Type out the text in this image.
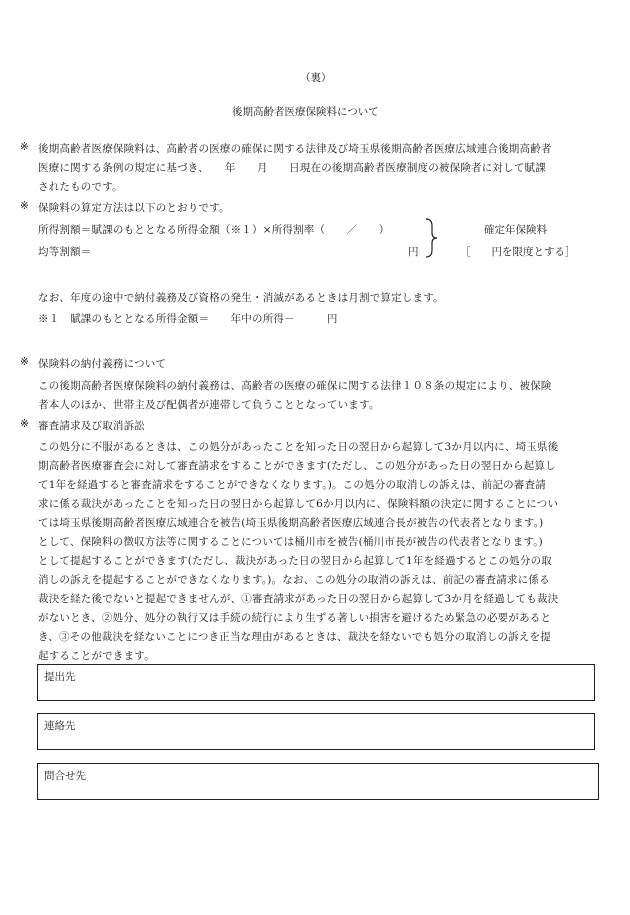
（裏）
後期高齢者医療保険料について
※ 後期高齢者医療保険料は、高齢者の医療の確保に関する法律及び埼玉県後期高齢者医療広域連合後期高齢者
医療に関する条例の規定に基づき、　　年　　月　　日現在の後期高齢者医療制度の被保険者に対して賦課
されたものです。
※ 保険料の算定方法は以下のとおりです。
所得割額＝賦課のもととなる所得金額（※１）×所得割率（　　／　　）
均等割額＝	円
確定年保険料
［　　円を限度とする］
なお、年度の途中で納付義務及び資格の発生・消滅があるときは月割で算定します。
※１　賦課のもととなる所得金額＝　　年中の所得－　　　円
※ 保険料の納付義務について
この後期高齢者医療保険料の納付義務は、高齢者の医療の確保に関する法律１０８条の規定により、被保険
者本人のほか、世帯主及び配偶者が連帯して負うこととなっています。
※ 審査請求及び取消訴訟
この処分に不服があるときは、この処分があったことを知った日の翌日から起算して3か月以内に、埼玉県後
期高齢者医療審査会に対して審査請求をすることができます(ただし、この処分があった日の翌日から起算し
て1年を経過すると審査請求をすることができなくなります。)。この処分の取消しの訴えは、前記の審査請
求に係る裁決があったことを知った日の翌日から起算して6か月以内に、保険料額の決定に関することについ
ては埼玉県後期高齢者医療広域連合を被告(埼玉県後期高齢者医療広域連合長が被告の代表者となります。)
として、保険料の徴収方法等に関することについては桶川市を被告(桶川市長が被告の代表者となります。)
として提起することができます(ただし、裁決があった日の翌日から起算して1年を経過するとこの処分の取
消しの訴えを提起することができなくなります。)。なお、この処分の取消の訴えは、前記の審査請求に係る
裁決を経た後でないと提起できませんが、①審査請求があった日の翌日から起算して3か月を経過しても裁決
がないとき、②処分、処分の執行又は手続の続行により生ずる著しい損害を避けるため緊急の必要があると
き、③その他裁決を経ないことにつき正当な理由があるときは、裁決を経ないでも処分の取消しの訴えを提
起することができます。
提出先
連絡先
問合せ先
